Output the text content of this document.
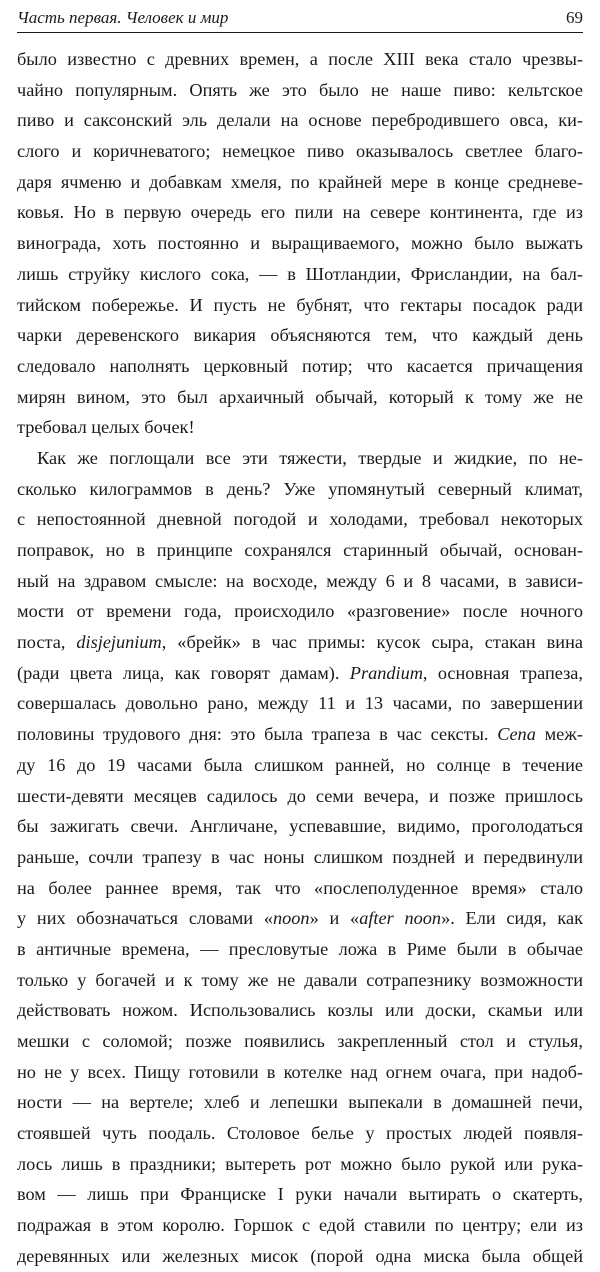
Часть первая. Человек и мир	69
было известно с древних времен, а после XIII века стало чрезвы-
чайно популярным. Опять же это было не наше пиво: кельтское
пиво и саксонский эль делали на основе перебродившего овса, ки-
слого и коричневатого; немецкое пиво оказывалось светлее благо-
даря ячменю и добавкам хмеля, по крайней мере в конце средневе-
ковья. Но в первую очередь его пили на севере континента, где из
винограда, хоть постоянно и выращиваемого, можно было выжать
лишь струйку кислого сока, — в Шотландии, Фрисландии, на бал-
тийском побережье. И пусть не бубнят, что гектары посадок ради
чарки деревенского викария объясняются тем, что каждый день
следовало наполнять церковный потир; что касается причащения
мирян вином, это был архаичный обычай, который к тому же не
требовал целых бочек!
Как же поглощали все эти тяжести, твердые и жидкие, по не-
сколько килограммов в день? Уже упомянутый северный климат,
с непостоянной дневной погодой и холодами, требовал некоторых
поправок, но в принципе сохранялся старинный обычай, основан-
ный на здравом смысле: на восходе, между 6 и 8 часами, в зависи-
мости от времени года, происходило «разговение» после ночного
поста, disjejunium, «брейк» в час примы: кусок сыра, стакан вина
(ради цвета лица, как говорят дамам). Prandium, основная трапеза,
совершалась довольно рано, между 11 и 13 часами, по завершении
половины трудового дня: это была трапеза в час сексты. Cena меж-
ду 16 до 19 часами была слишком ранней, но солнце в течение
шести-девяти месяцев садилось до семи вечера, и позже пришлось
бы зажигать свечи. Англичане, успевавшие, видимо, проголодаться
раньше, сочли трапезу в час ноны слишком поздней и передвинули
на более раннее время, так что «послеполуденное время» стало
у них обозначаться словами «noon» и «after noon». Ели сидя, как
в античные времена, — пресловутые ложа в Риме были в обычае
только у богачей и к тому же не давали сотрапезнику возможности
действовать ножом. Использовались козлы или доски, скамьи или
мешки с соломой; позже появились закрепленный стол и стулья,
но не у всех. Пищу готовили в котелке над огнем очага, при надоб-
ности — на вертеле; хлеб и лепешки выпекали в домашней печи,
стоявшей чуть поодаль. Столовое белье у простых людей появля-
лось лишь в праздники; вытереть рот можно было рукой или рука-
вом — лишь при Франциске I руки начали вытирать о скатерть,
подражая в этом королю. Горшок с едой ставили по центру; ели из
деревянных или железных мисок (порой одна миска была общей
